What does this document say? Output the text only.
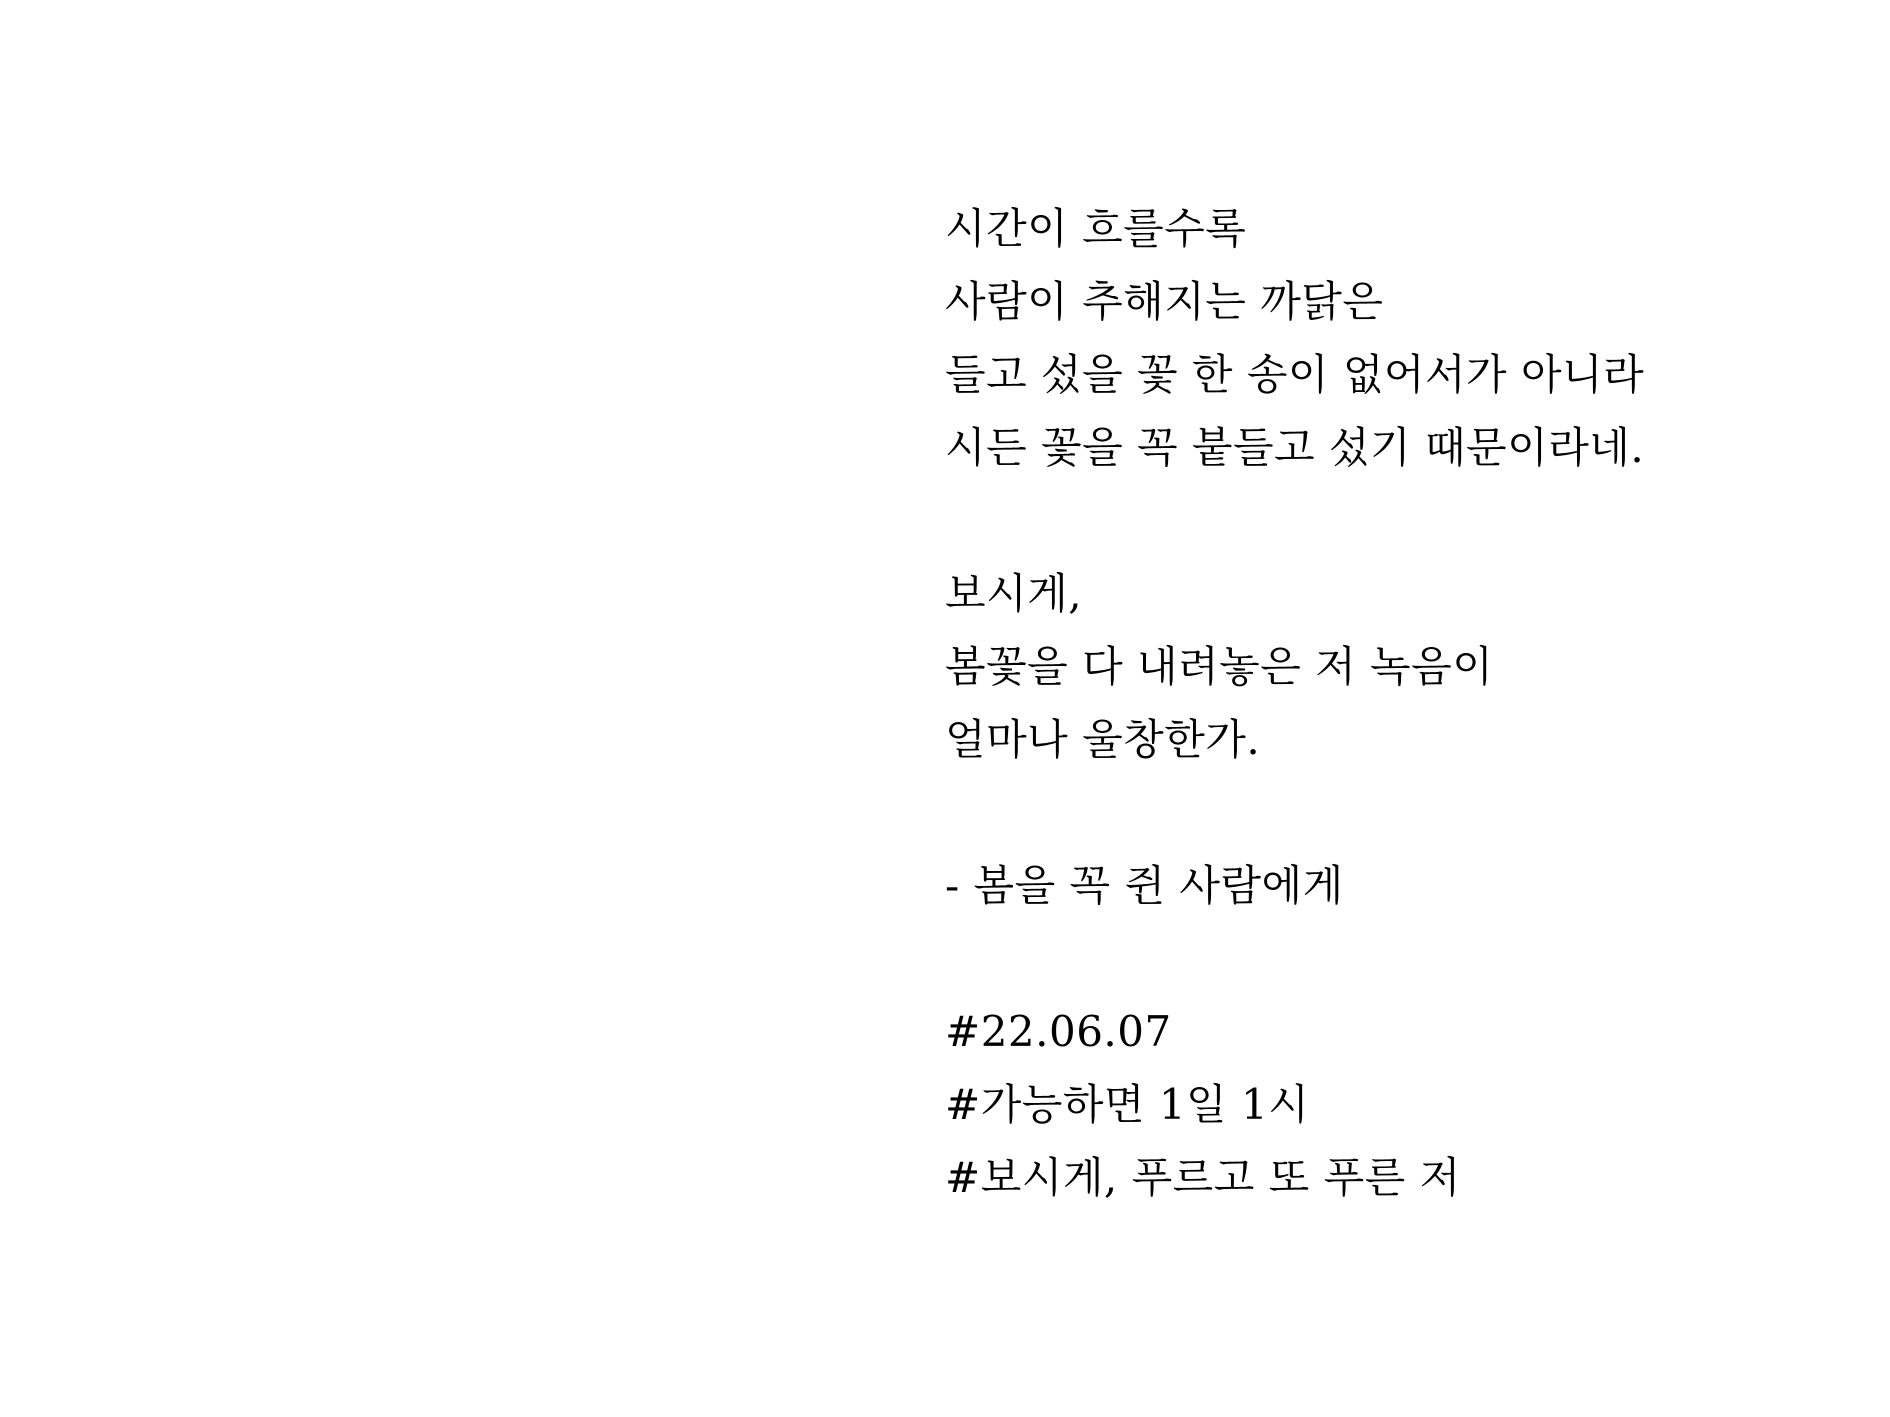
시간이 흐를수록
사람이 추해지는 까닭은
들고 섰을 꽃 한 송이 없어서가 아니라
시든 꽃을 꼭 붙들고 섰기 때문이라네.
보시게,
봄꽃을 다 내려놓은 저 녹음이
얼마나 울창한가.
- 봄을 꼭 쥔 사람에게
#22.06.07
#가능하면 1일 1시
#보시게, 푸르고 또 푸른 저
